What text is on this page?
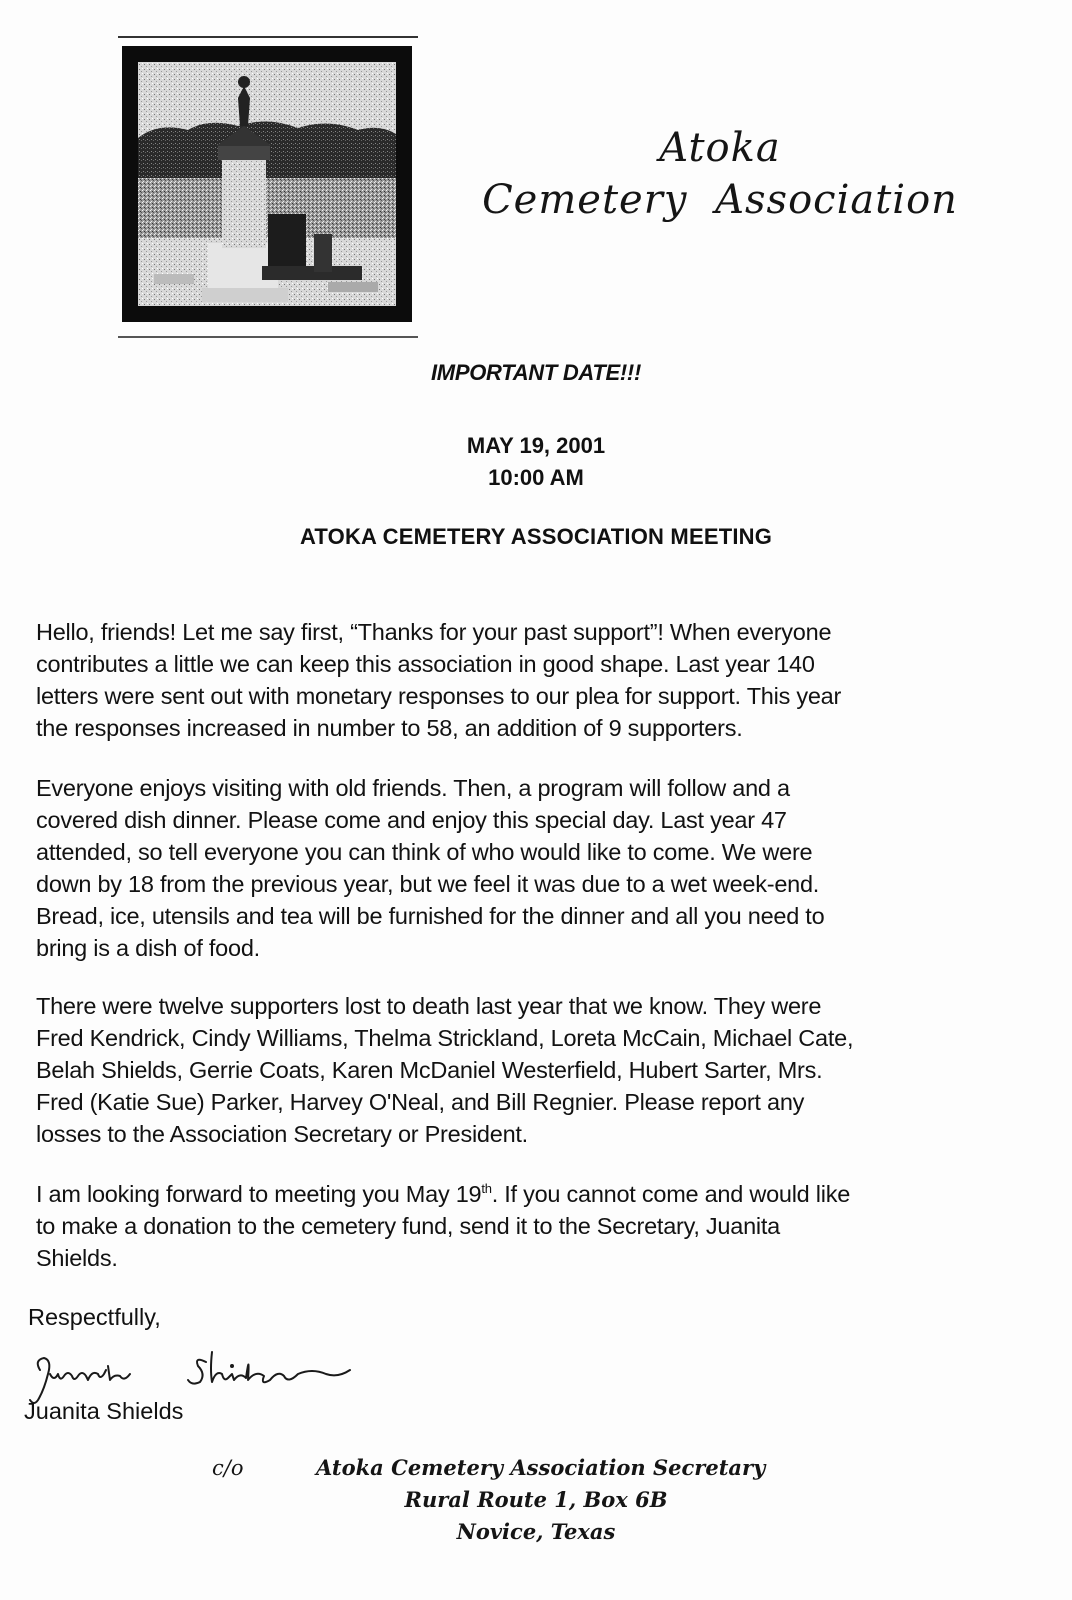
Atoka
Cemetery Association
IMPORTANT DATE!!!
MAY 19, 2001
10:00 AM
ATOKA CEMETERY ASSOCIATION MEETING
Hello, friends! Let me say first, “Thanks for your past support”! When everyone
contributes a little we can keep this association in good shape. Last year 140
letters were sent out with monetary responses to our plea for support. This year
the responses increased in number to 58, an addition of 9 supporters.
Everyone enjoys visiting with old friends. Then, a program will follow and a
covered dish dinner. Please come and enjoy this special day. Last year 47
attended, so tell everyone you can think of who would like to come. We were
down by 18 from the previous year, but we feel it was due to a wet week-end.
Bread, ice, utensils and tea will be furnished for the dinner and all you need to
bring is a dish of food.
There were twelve supporters lost to death last year that we know. They were
Fred Kendrick, Cindy Williams, Thelma Strickland, Loreta McCain, Michael Cate,
Belah Shields, Gerrie Coats, Karen McDaniel Westerfield, Hubert Sarter, Mrs.
Fred (Katie Sue) Parker, Harvey O'Neal, and Bill Regnier. Please report any
losses to the Association Secretary or President.
I am looking forward to meeting you May 19th. If you cannot come and would like
to make a donation to the cemetery fund, send it to the Secretary, Juanita
Shields.
Respectfully,
Juanita Shields
c/o	Atoka Cemetery Association Secretary
Rural Route 1, Box 6B
Novice, Texas
